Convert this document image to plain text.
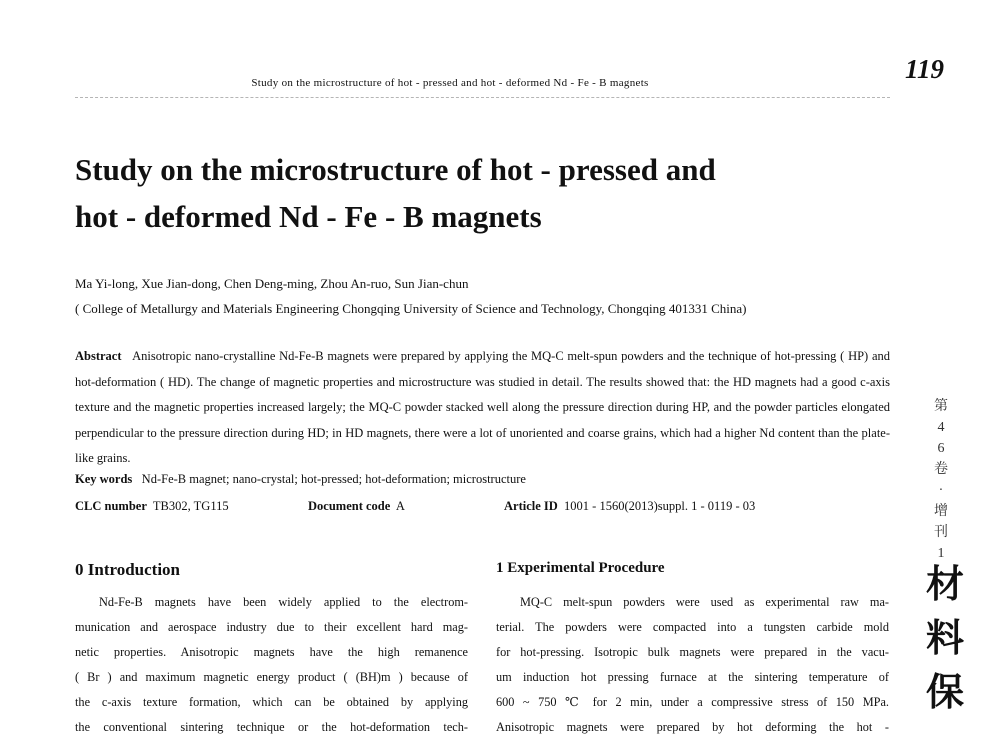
Study on the microstructure of hot - pressed and hot - deformed Nd - Fe - B magnets	119
Study on the microstructure of hot - pressed and
hot - deformed Nd - Fe - B magnets
Ma Yi-long, Xue Jian-dong, Chen Deng-ming, Zhou An-ruo, Sun Jian-chun
( College of Metallurgy and Materials Engineering Chongqing University of Science and Technology, Chongqing 401331 China)
Abstract Anisotropic nano-crystalline Nd-Fe-B magnets were prepared by applying the MQ-C melt-spun powders and the technique of hot-pressing ( HP) and hot-deformation ( HD). The change of magnetic properties and microstructure was studied in detail. The results showed that: the HD magnets had a good c-axis texture and the magnetic properties increased largely; the MQ-C powder stacked well along the pressure direction during HP, and the powder particles elongated perpendicular to the pressure direction during HD; in HD magnets, there were a lot of unoriented and coarse grains, which had a higher Nd content than the plate-like grains.
Key words Nd-Fe-B magnet; nano-crystal; hot-pressed; hot-deformation; microstructure
CLC number TB302, TG115	Document code A	Article ID 1001 - 1560(2013)suppl. 1 - 0119 - 03
0 Introduction	1 Experimental Procedure
Nd-Fe-B magnets have been widely applied to the electrom-
munication and aerospace industry due to their excellent hard mag-
netic properties. Anisotropic magnets have the high remanence
( Br ) and maximum magnetic energy product ( (BH)m ) because of
the c-axis texture formation, which can be obtained by applying
the conventional sintering technique or the hot-deformation tech-
MQ-C melt-spun powders were used as experimental raw ma-
terial. The powders were compacted into a tungsten carbide mold
for hot-pressing. Isotropic bulk magnets were prepared in the vacu-
um induction hot pressing furnace at the sintering temperature of
600 ~ 750 ℃ for 2 min, under a compressive stress of 150 MPa.
Anisotropic magnets were prepared by hot deforming the hot -
第
4
6
卷
·
增
刊
1
材
料
保
